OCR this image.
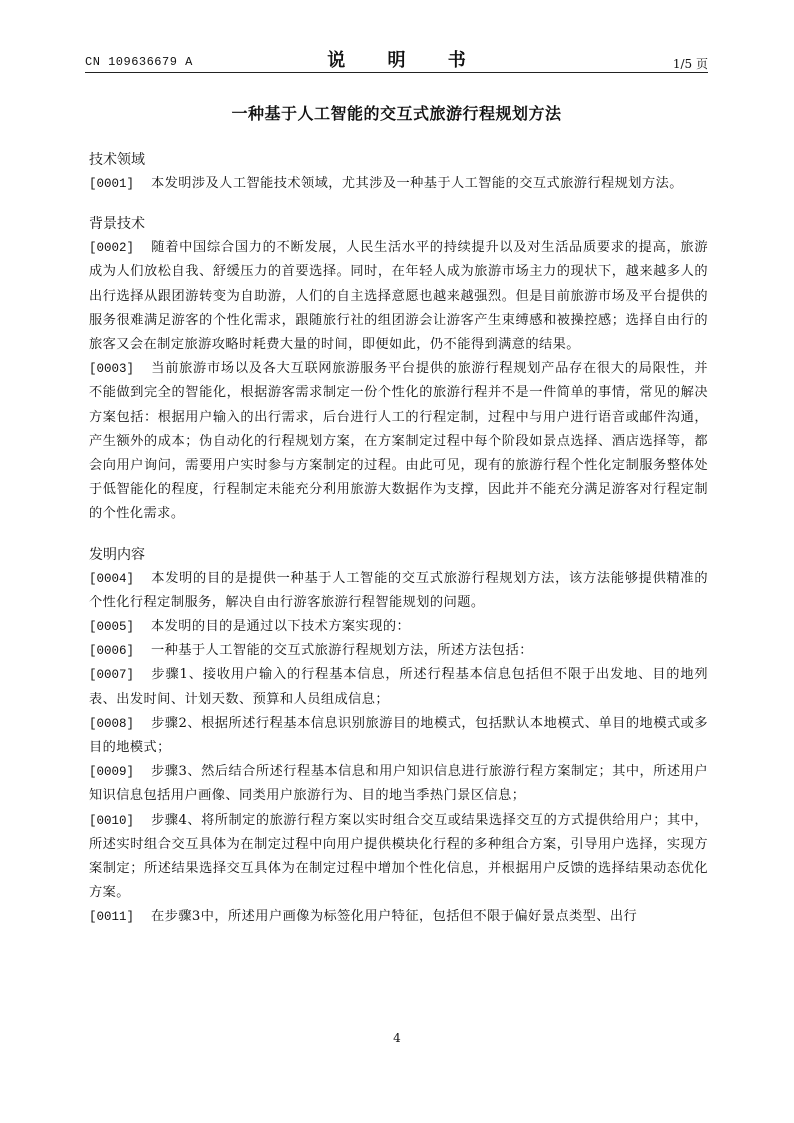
CN 109636679 A	说 明 书	1/5 页
一种基于人工智能的交互式旅游行程规划方法
技术领域
[0001] 本发明涉及人工智能技术领域，尤其涉及一种基于人工智能的交互式旅游行程规划方法。
背景技术
[0002] 随着中国综合国力的不断发展，人民生活水平的持续提升以及对生活品质要求的提高，旅游成为人们放松自我、舒缓压力的首要选择。同时，在年轻人成为旅游市场主力的现状下，越来越多人的出行选择从跟团游转变为自助游，人们的自主选择意愿也越来越强烈。但是目前旅游市场及平台提供的服务很难满足游客的个性化需求，跟随旅行社的组团游会让游客产生束缚感和被操控感；选择自由行的旅客又会在制定旅游攻略时耗费大量的时间，即便如此，仍不能得到满意的结果。
[0003] 当前旅游市场以及各大互联网旅游服务平台提供的旅游行程规划产品存在很大的局限性，并不能做到完全的智能化，根据游客需求制定一份个性化的旅游行程并不是一件简单的事情，常见的解决方案包括：根据用户输入的出行需求，后台进行人工的行程定制，过程中与用户进行语音或邮件沟通，产生额外的成本；伪自动化的行程规划方案，在方案制定过程中每个阶段如景点选择、酒店选择等，都会向用户询问，需要用户实时参与方案制定的过程。由此可见，现有的旅游行程个性化定制服务整体处于低智能化的程度，行程制定未能充分利用旅游大数据作为支撑，因此并不能充分满足游客对行程定制的个性化需求。
发明内容
[0004] 本发明的目的是提供一种基于人工智能的交互式旅游行程规划方法，该方法能够提供精准的个性化行程定制服务，解决自由行游客旅游行程智能规划的问题。
[0005] 本发明的目的是通过以下技术方案实现的：
[0006] 一种基于人工智能的交互式旅游行程规划方法，所述方法包括：
[0007] 步骤1、接收用户输入的行程基本信息，所述行程基本信息包括但不限于出发地、目的地列表、出发时间、计划天数、预算和人员组成信息；
[0008] 步骤2、根据所述行程基本信息识别旅游目的地模式，包括默认本地模式、单目的地模式或多目的地模式；
[0009] 步骤3、然后结合所述行程基本信息和用户知识信息进行旅游行程方案制定；其中，所述用户知识信息包括用户画像、同类用户旅游行为、目的地当季热门景区信息；
[0010] 步骤4、将所制定的旅游行程方案以实时组合交互或结果选择交互的方式提供给用户；其中，所述实时组合交互具体为在制定过程中向用户提供模块化行程的多种组合方案，引导用户选择，实现方案制定；所述结果选择交互具体为在制定过程中增加个性化信息，并根据用户反馈的选择结果动态优化方案。
[0011] 在步骤3中，所述用户画像为标签化用户特征，包括但不限于偏好景点类型、出行
4
